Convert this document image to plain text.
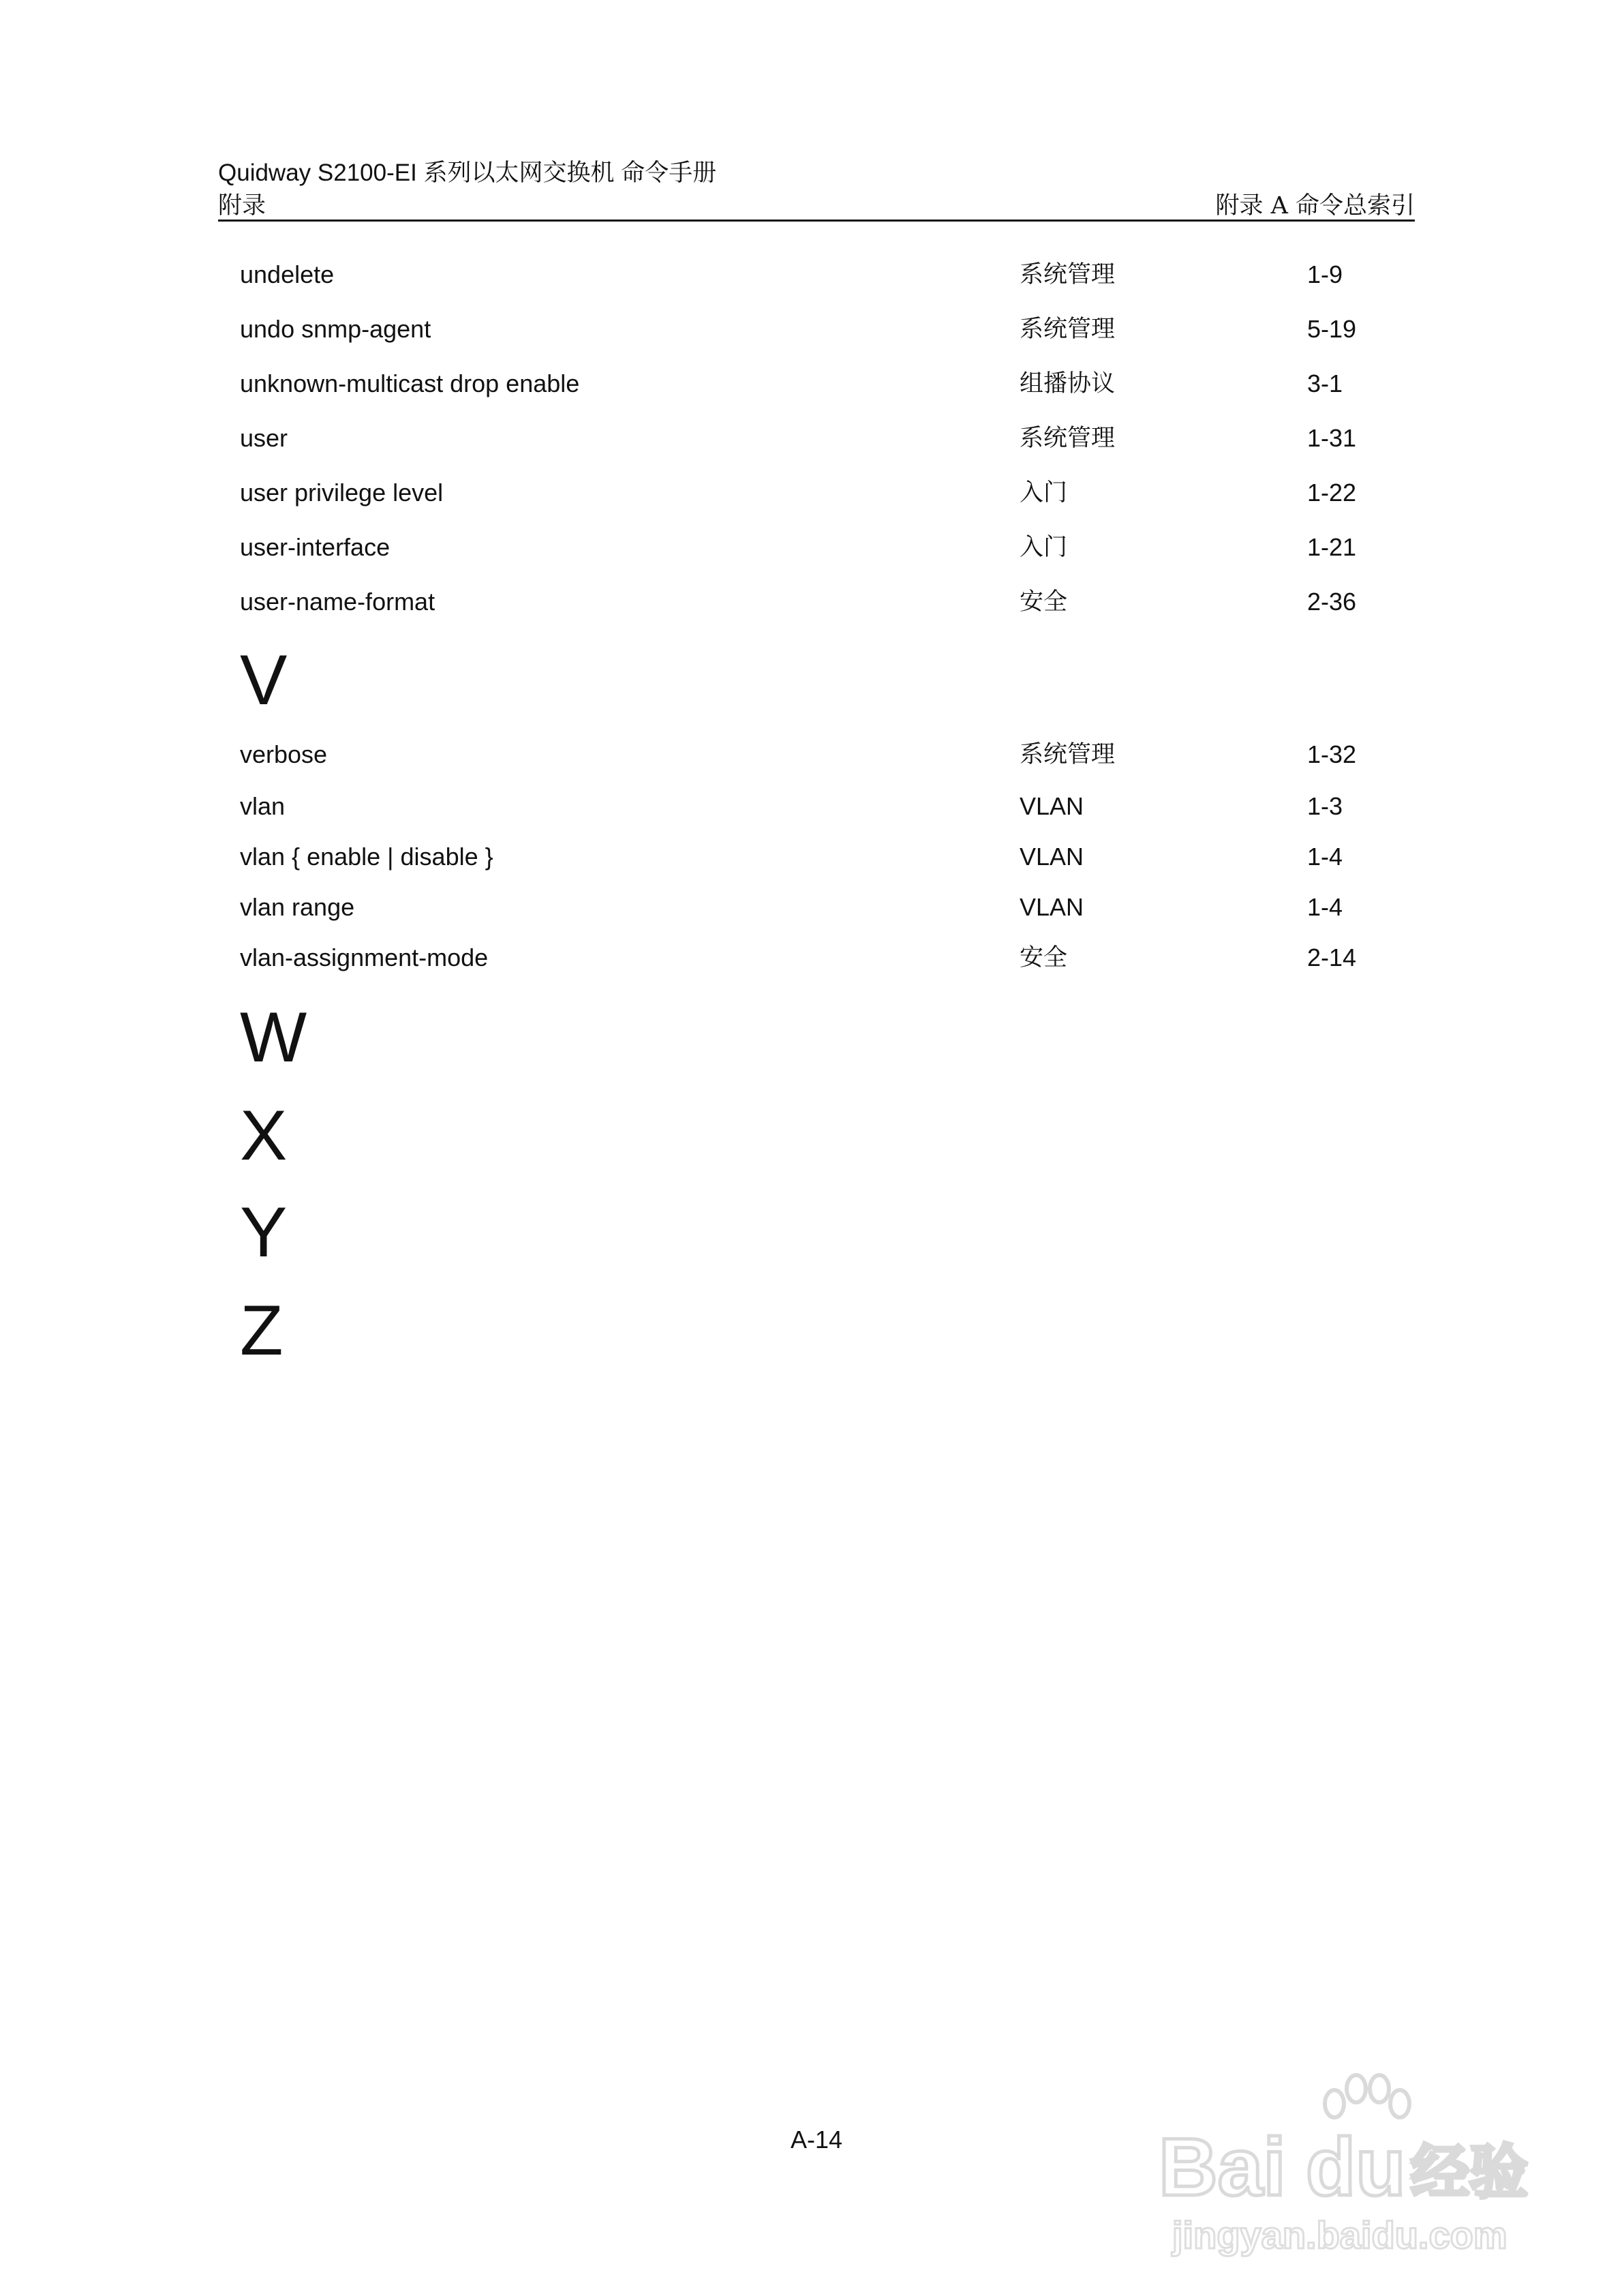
Quidway S2100-EI 系列以太网交换机 命令手册
附录	附录 A 命令总索引
undelete	系统管理	1-9
undo snmp-agent	系统管理	5-19
unknown-multicast drop enable	组播协议	3-1
user	系统管理	1-31
user privilege level	入门	1-22
user-interface	入门	1-21
user-name-format	安全	2-36
V
verbose	系统管理	1-32
vlan	VLAN	1-3
vlan { enable | disable }	VLAN	1-4
vlan range	VLAN	1-4
vlan-assignment-mode	安全	2-14
W
X
Y
Z
A-14	Bai du 经验
jingyan.baidu.com
